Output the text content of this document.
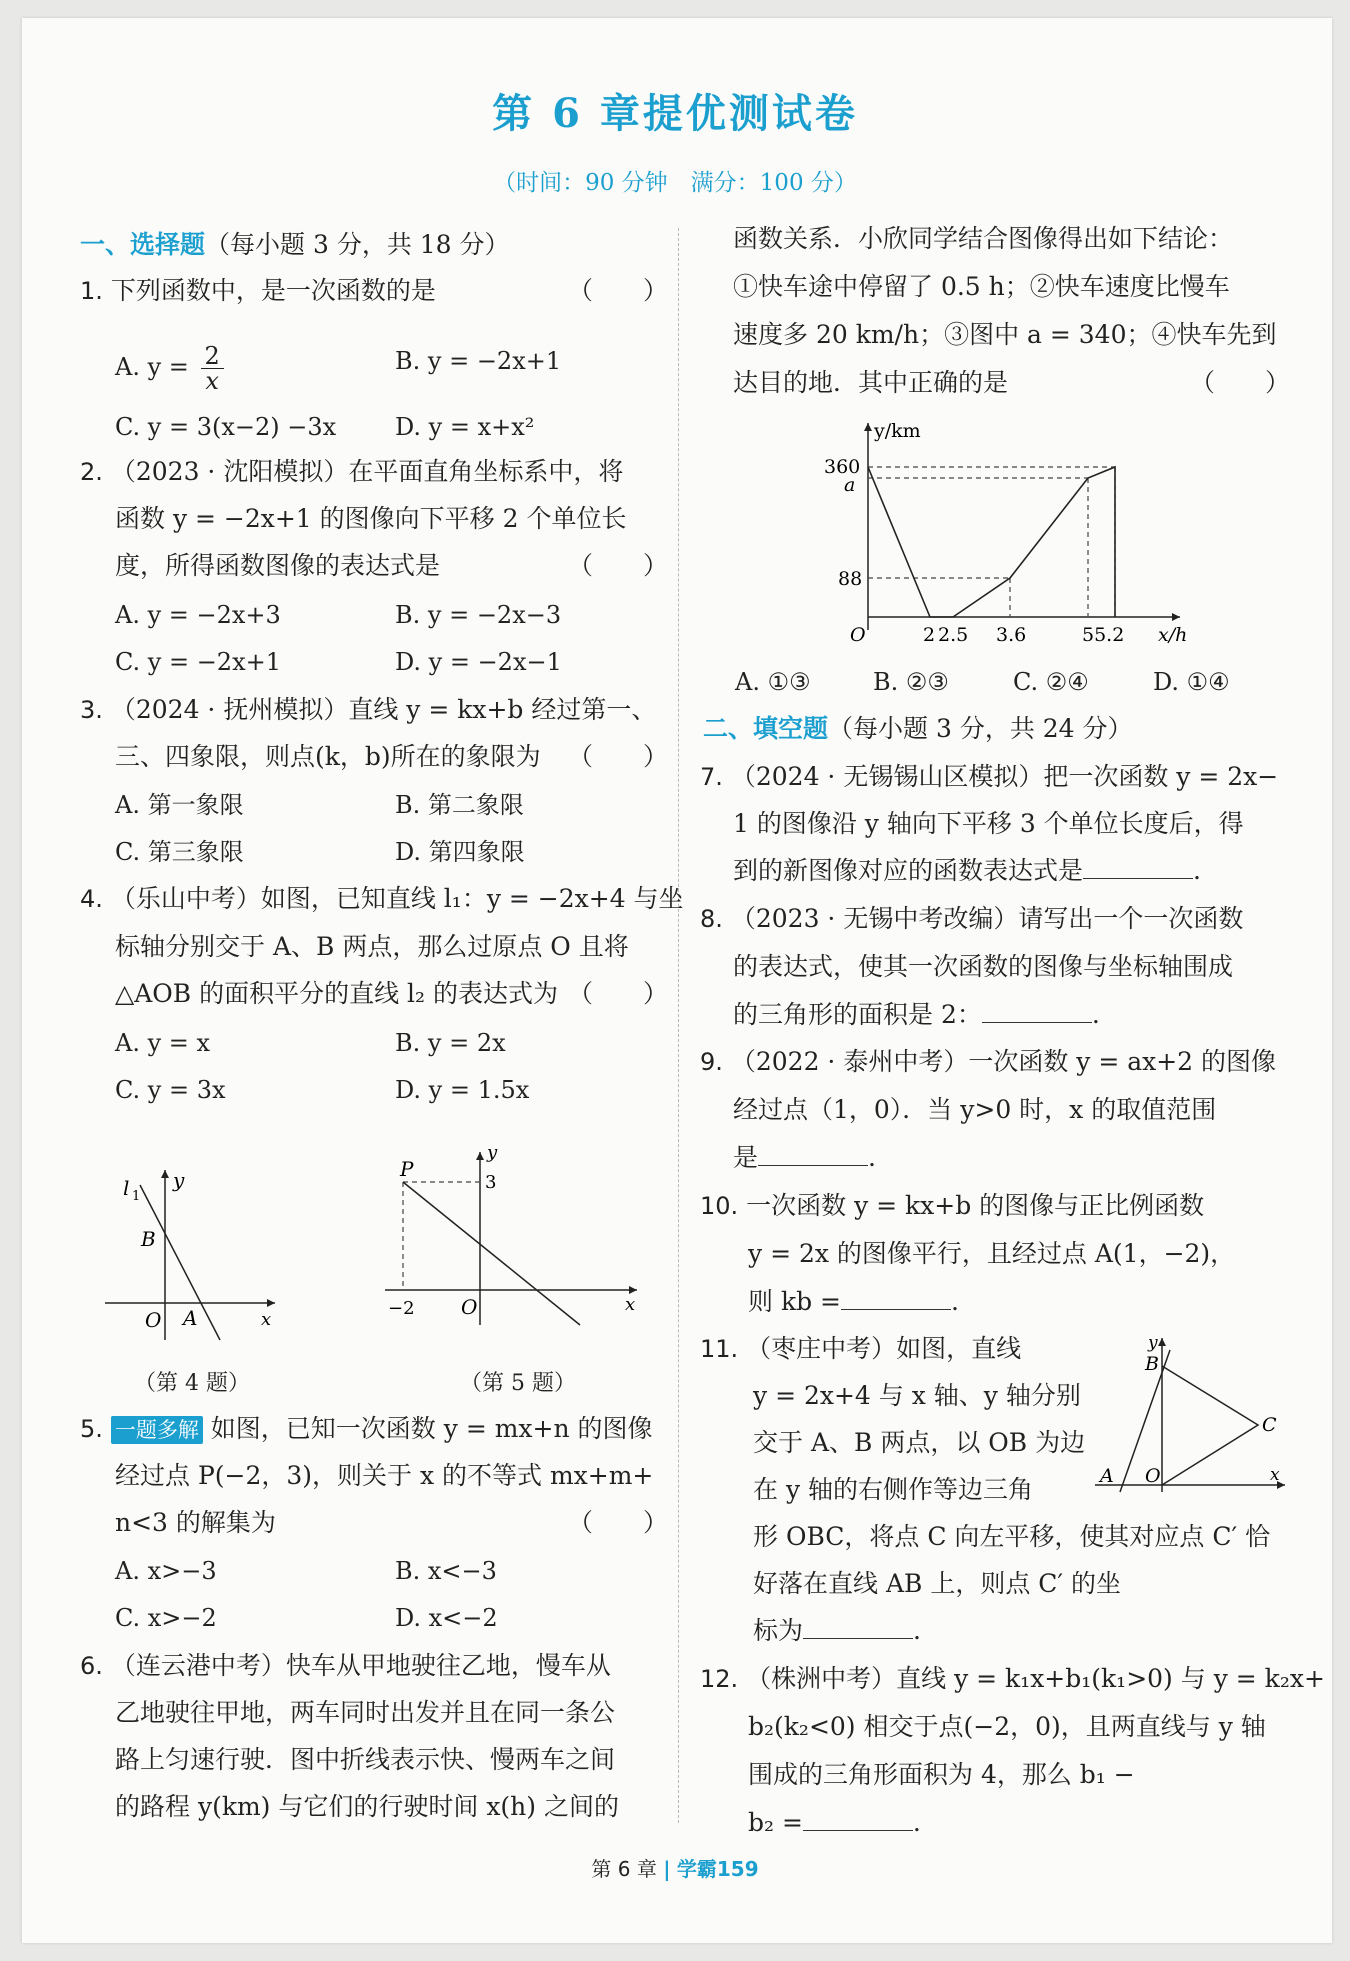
第 6 章提优测试卷
（时间：90 分钟　满分：100 分）
一、选择题（每小题 3 分，共 18 分）
1. 下列函数中，是一次函数的是	（　　）
A. $y = \frac{2}{x}$	B. y = −2x+1
C. y = 3(x−2) −3x D. y = x+x²
2. （2023 · 沈阳模拟）在平面直角坐标系中，将
函数 y = −2x+1 的图像向下平移 2 个单位长
度，所得函数图像的表达式是	（　　）
A. y = −2x+3	B. y = −2x−3
C. y = −2x+1	D. y = −2x−1
3. （2024 · 抚州模拟）直线 y = kx+b 经过第一、
三、四象限，则点(k，b)所在的象限为 （　　）
A. 第一象限	B. 第二象限
C. 第三象限	D. 第四象限
4. （乐山中考）如图，已知直线 l₁：y = −2x+4 与坐
标轴分别交于 A、B 两点，那么过原点 O 且将
△AOB 的面积平分的直线 l₂ 的表达式为 （　　）
A. y = x	B. y = 2x
C. y = 3x	D. y = 1.5x
l 1
y
B
O A	x
（第 4 题）
y
P
3
−2 O	x
（第 5 题）
5. 一题多解 如图，已知一次函数 y = mx+n 的图像
经过点 P(−2，3)，则关于 x 的不等式 mx+m+
n<3 的解集为	（　　）
A. x>−3	B. x<−3
C. x>−2	D. x<−2
6. （连云港中考）快车从甲地驶往乙地，慢车从
乙地驶往甲地，两车同时出发并且在同一条公
路上匀速行驶．图中折线表示快、慢两车之间
的路程 y(km) 与它们的行驶时间 x(h) 之间的
函数关系．小欣同学结合图像得出如下结论：
①快车途中停留了 0.5 h；②快车速度比慢车
速度多 20 km/h；③图中 a = 340；④快车先到
达目的地．其中正确的是	（　　）
360
a
88
y/km
O	2 2.5 3.6	55.2 x/h
A. ①③	B. ②③	C. ②④	D. ①④
二、填空题（每小题 3 分，共 24 分）
7. （2024 · 无锡锡山区模拟）把一次函数 y = 2x−
1 的图像沿 y 轴向下平移 3 个单位长度后，得
到的新图像对应的函数表达式是	.
8. （2023 · 无锡中考改编）请写出一个一次函数
的表达式，使其一次函数的图像与坐标轴围成
的三角形的面积是 2：	.
9. （2022 · 泰州中考）一次函数 y = ax+2 的图像
经过点（1，0）．当 y>0 时，x 的取值范围
是	.
10. 一次函数 y = kx+b 的图像与正比例函数
y = 2x 的图像平行，且经过点 A(1，−2)，
则 kb =	.
11. （枣庄中考）如图，直线
y = 2x+4 与 x 轴、y 轴分别
交于 A、B 两点，以 OB 为边
在 y 轴的右侧作等边三角
形 OBC，将点 C 向左平移，使其对应点 C′ 恰
好落在直线 AB 上，则点 C′ 的坐
标为	.
y
B
C
A O	x
12. （株洲中考）直线 y = k₁x+b₁(k₁>0) 与 y = k₂x+
b₂(k₂<0) 相交于点(−2，0)，且两直线与 y 轴
围成的三角形面积为 4，那么 b₁ −
b₂ =	.
第 6 章 | 学霸159
